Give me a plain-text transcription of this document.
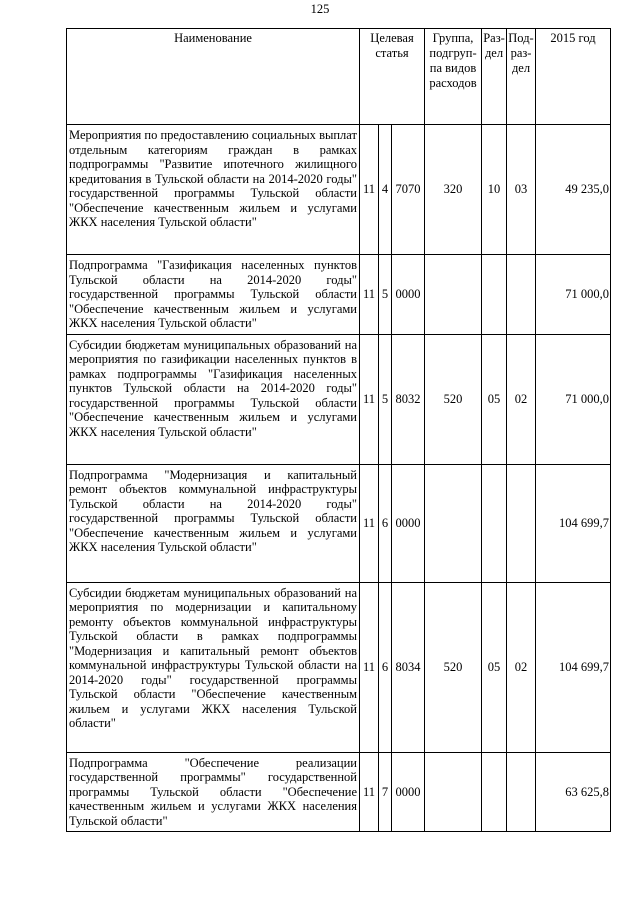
125
Наименование	Целевая статья			Группа, подгруп-па видов расходов	Раз-дел	Под-раз-дел	2015 год
Мероприятия по предоставлению социальных выплат отдельным категориям граждан в рамках подпрограммы "Развитие ипотечного жилищного кредитования в Тульской области на 2014-2020 годы" государственной программы Тульской области "Обеспечение качественным жильем и услугами ЖКХ населения Тульской области"	11	4	7070	320	10	03	49 235,0
Подпрограмма "Газификация населенных пунктов Тульской области на 2014-2020 годы" государственной программы Тульской области "Обеспечение качественным жильем и услугами ЖКХ населения Тульской области"	11	5	0000				71 000,0
Субсидии бюджетам муниципальных образований на мероприятия по газификации населенных пунктов в рамках подпрограммы "Газификация населенных пунктов Тульской области на 2014-2020 годы" государственной программы Тульской области "Обеспечение качественным жильем и услугами ЖКХ населения Тульской области"	11	5	8032	520	05	02	71 000,0
Подпрограмма "Модернизация и капитальный ремонт объектов коммунальной инфраструктуры Тульской области на 2014-2020 годы" государственной программы Тульской области "Обеспечение качественным жильем и услугами ЖКХ населения Тульской области"	11	6	0000				104 699,7
Субсидии бюджетам муниципальных образований на мероприятия по модернизации и капитальному ремонту объектов коммунальной инфраструктуры Тульской области в рамках подпрограммы "Модернизация и капитальный ремонт объектов коммунальной инфраструктуры Тульской области на 2014-2020 годы" государственной программы Тульской области "Обеспечение качественным жильем и услугами ЖКХ населения Тульской области"	11	6	8034	520	05	02	104 699,7
Подпрограмма "Обеспечение реализации государственной программы" государственной программы Тульской области "Обеспечение качественным жильем и услугами ЖКХ населения Тульской области"	11	7	0000				63 625,8
